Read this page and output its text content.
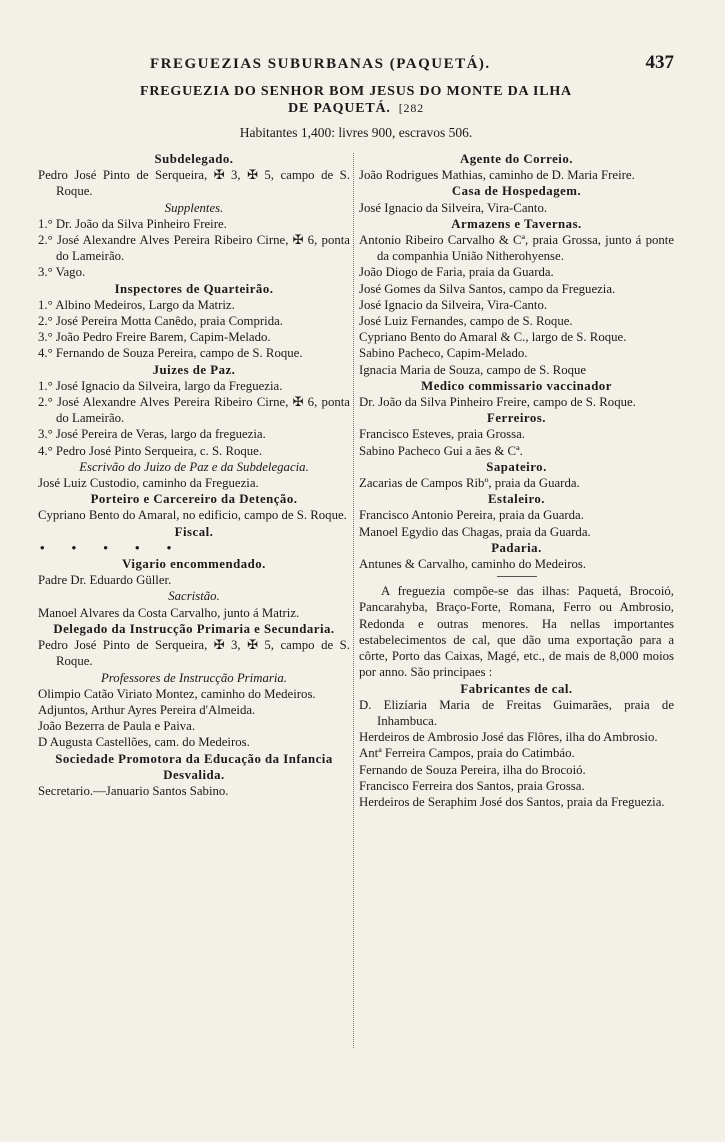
FREGUEZIAS SUBURBANAS (PAQUETÁ).	437
FREGUEZIA DO SENHOR BOM JESUS DO MONTE DA ILHA
DE PAQUETÁ. [282
Habitantes 1,400: livres 900, escravos 506.
Subdelegado.
Pedro José Pinto de Serqueira, ✠ 3, ✠ 5, campo de S. Roque.
Supplentes.
1.° Dr. João da Silva Pinheiro Freire.
2.° José Alexandre Alves Pereira Ribeiro Cirne, ✠ 6, ponta do Lameirão.
3.° Vago.
Inspectores de Quarteirão.
1.° Albino Medeiros, Largo da Matriz.
2.° José Pereira Motta Canêdo, praia Comprida.
3.° João Pedro Freire Barem, Capim-Melado.
4.° Fernando de Souza Pereira, campo de S. Roque.
Juizes de Paz.
1.° José Ignacio da Silveira, largo da Freguezia.
2.° José Alexandre Alves Pereira Ribeiro Cirne, ✠ 6, ponta do Lameirão.
3.° José Pereira de Veras, largo da freguezia.
4.° Pedro José Pinto Serqueira, c. S. Roque.
Escrivão do Juizo de Paz e da Subdelegacia.
José Luiz Custodio, caminho da Freguezia.
Porteiro e Carcereiro da Detenção.
Cypriano Bento do Amaral, no edificio, campo de S. Roque.
Fiscal.
• • • • •
Vigario encommendado.
Padre Dr. Eduardo Güller.
Sacristão.
Manoel Alvares da Costa Carvalho, junto á Matriz.
Delegado da Instrucção Primaria e Secundaria.
Pedro José Pinto de Serqueira, ✠ 3, ✠ 5, campo de S. Roque.
Professores de Instrucção Primaria.
Olimpio Catão Viriato Montez, caminho do Medeiros.
Adjuntos, Arthur Ayres Pereira d'Almeida.
João Bezerra de Paula e Paiva.
D Augusta Castellões, cam. do Medeiros.
Sociedade Promotora da Educação da Infancia Desvalida.
Secretario.—Januario Santos Sabino.
Agente do Correio.
João Rodrigues Mathias, caminho de D. Maria Freire.
Casa de Hospedagem.
José Ignacio da Silveira, Vira-Canto.
Armazens e Tavernas.
Antonio Ribeiro Carvalho & Cª, praia Grossa, junto á ponte da companhia União Nitherohyense.
João Diogo de Faria, praia da Guarda.
José Gomes da Silva Santos, campo da Freguezia.
José Ignacio da Silveira, Vira-Canto.
José Luiz Fernandes, campo de S. Roque.
Cypriano Bento do Amaral & C., largo de S. Roque.
Sabino Pacheco, Capim-Melado.
Ignacia Maria de Souza, campo de S. Roque
Medico commissario vaccinador
Dr. João da Silva Pinheiro Freire, campo de S. Roque.
Ferreiros.
Francisco Esteves, praia Grossa.
Sabino Pacheco Gui a ães & Cª.
Sapateiro.
Zacarias de Campos Ribº, praia da Guarda.
Estaleiro.
Francisco Antonio Pereira, praia da Guarda.
Manoel Egydio das Chagas, praia da Guarda.
Padaria.
Antunes & Carvalho, caminho do Medeiros.
A freguezia compõe-se das ilhas: Paquetá, Brocoió, Pancarahyba, Braço-Forte, Romana, Ferro ou Ambrosio, Redonda e outras menores. Ha nellas importantes estabelecimentos de cal, que dão uma exportação para a côrte, Porto das Caixas, Magé, etc., de mais de 8,000 moios por anno. São principaes :
Fabricantes de cal.
D. Elizíaria Maria de Freitas Guimarães, praia de Inhambuca.
Herdeiros de Ambrosio José das Flôres, ilha do Ambrosio.
Antª Ferreira Campos, praia do Catimbáo.
Fernando de Souza Pereira, ilha do Brocoió.
Francisco Ferreira dos Santos, praia Grossa.
Herdeiros de Seraphim José dos Santos, praia da Freguezia.
